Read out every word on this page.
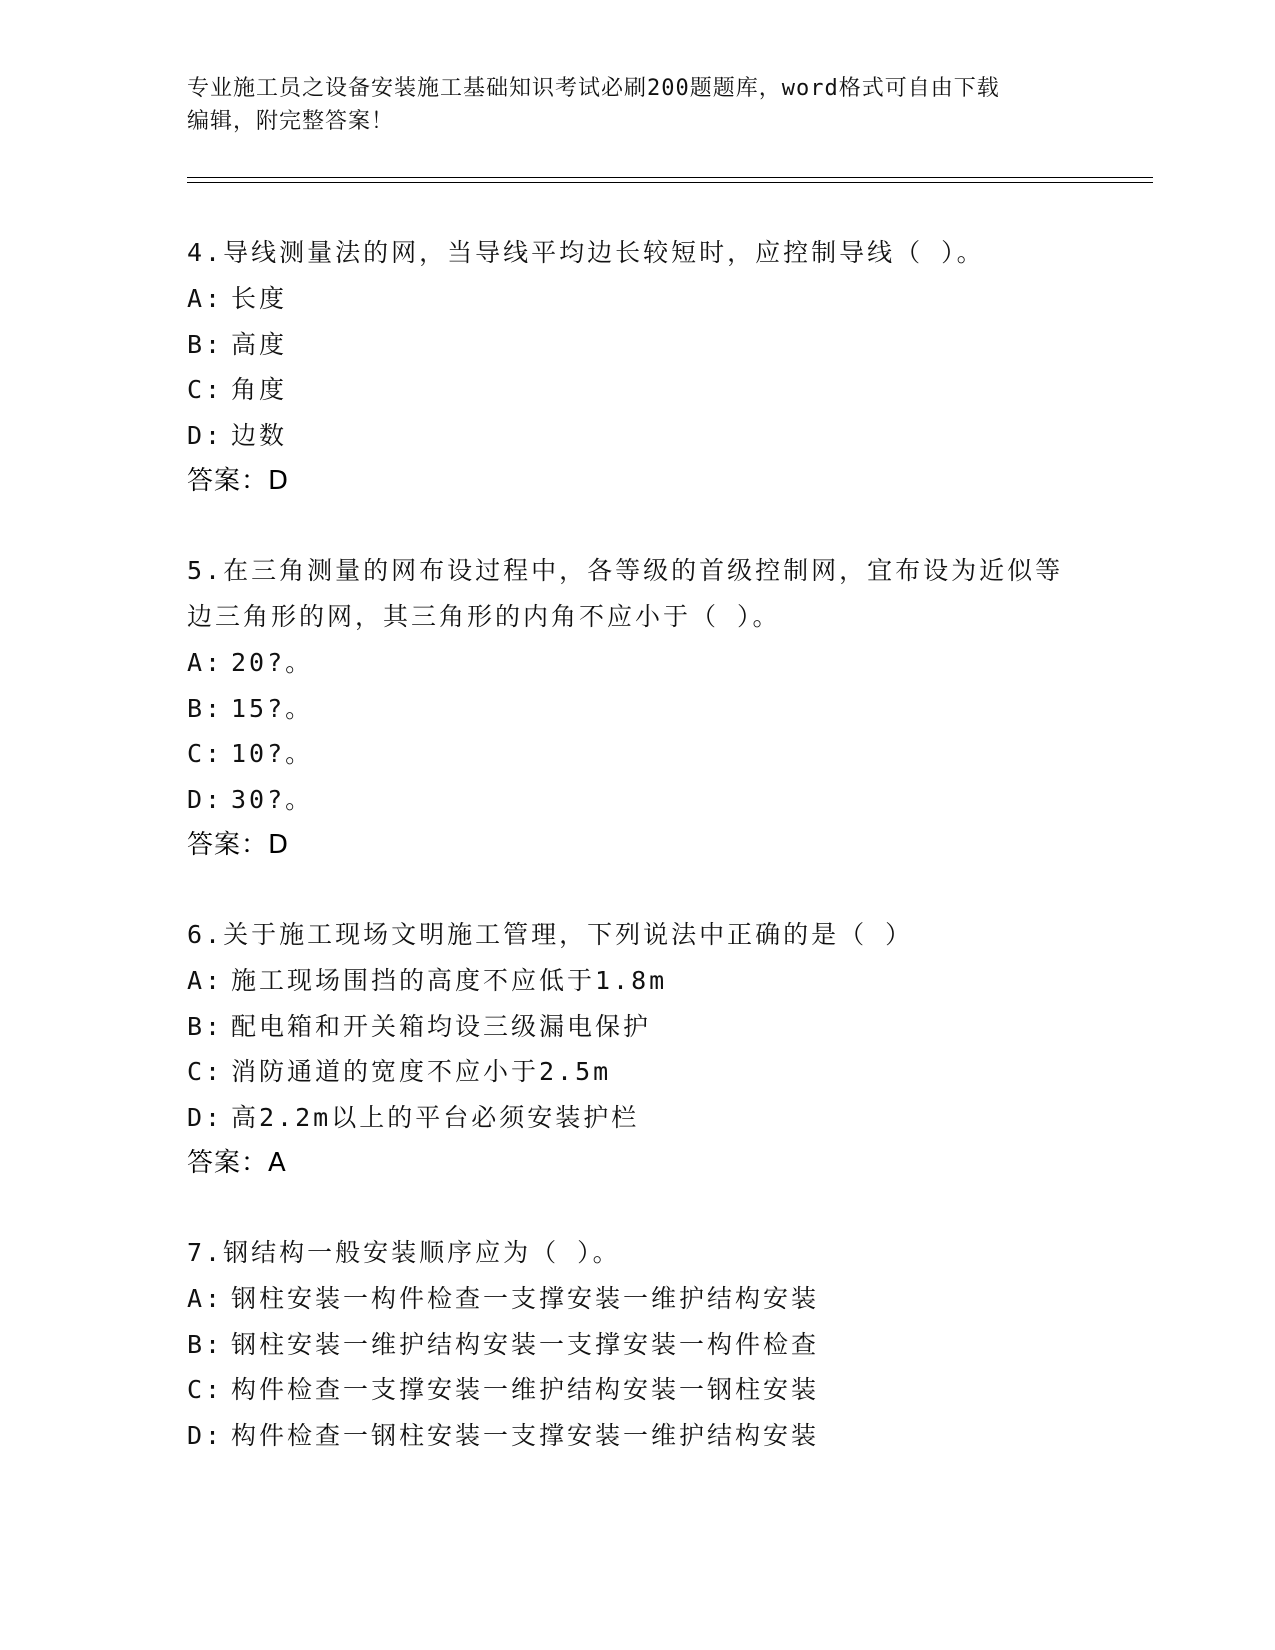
专业施工员之设备安装施工基础知识考试必刷200题题库，word格式可自由下载
编辑，附完整答案！

4.导线测量法的网，当导线平均边长较短时，应控制导线（ ）。

A: 长度

B: 高度

C: 角度

D: 边数

答案：D

5.在三角测量的网布设过程中，各等级的首级控制网，宜布设为近似等边三角形的网，其三角形的内角不应小于（ ）。

A: 20?。

B: 15?。

C: 10?。

D: 30?。

答案：D

6.关于施工现场文明施工管理，下列说法中正确的是（ ）

A: 施工现场围挡的高度不应低于1.8m

B: 配电箱和开关箱均设三级漏电保护

C: 消防通道的宽度不应小于2.5m

D: 高2.2m以上的平台必须安装护栏

答案：A

7.钢结构一般安装顺序应为（ ）。

A: 钢柱安装一构件检查一支撑安装一维护结构安装

B: 钢柱安装一维护结构安装一支撑安装一构件检查

C: 构件检查一支撑安装一维护结构安装一钢柱安装

D: 构件检查一钢柱安装一支撑安装一维护结构安装
